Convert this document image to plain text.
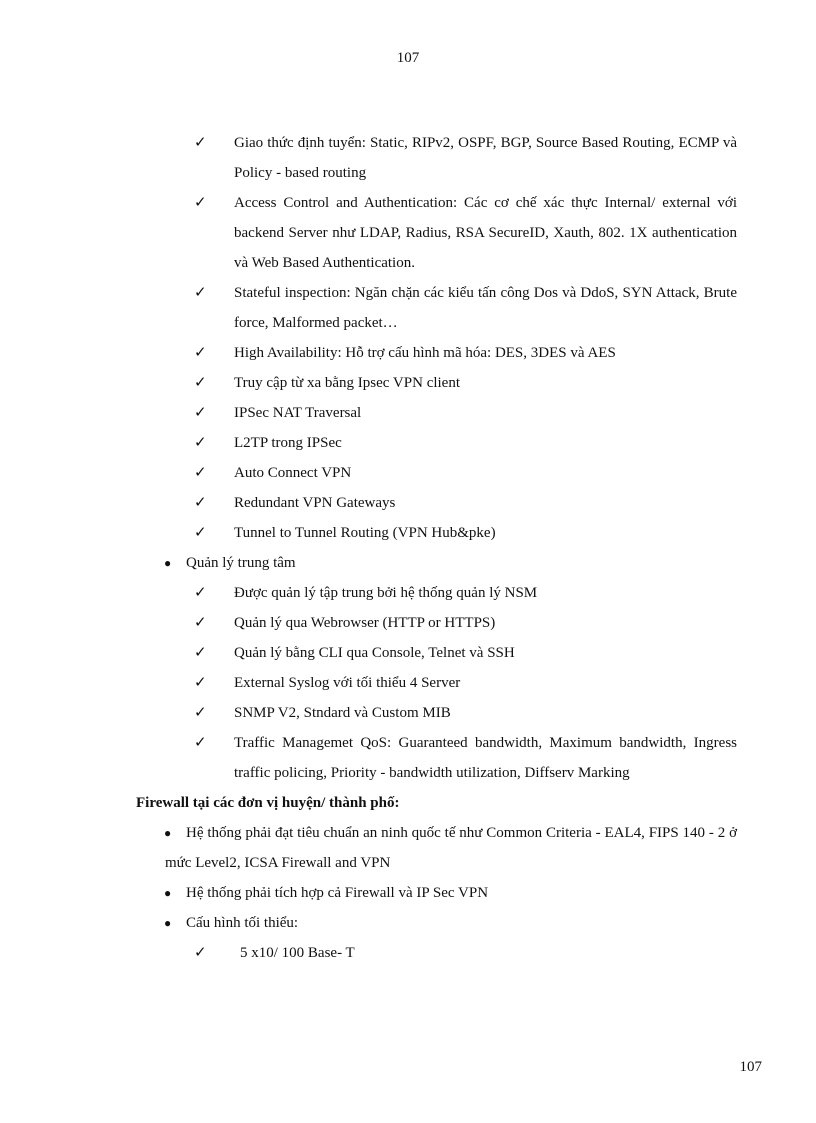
107
✓	Giao thức định tuyển: Static, RIPv2, OSPF, BGP, Source Based Routing, ECMP và Policy - based routing
✓	Access Control and Authentication: Các cơ chế xác thực Internal/ external với backend Server như LDAP, Radius, RSA SecureID, Xauth, 802. 1X authentication và Web Based Authentication.
✓	Stateful inspection: Ngăn chặn các kiểu tấn công Dos và DdoS, SYN Attack, Brute force, Malformed packet…
✓	High Availability: Hỗ trợ cấu hình mã hóa: DES, 3DES và AES
✓	Truy cập từ xa bằng Ipsec VPN client
✓	IPSec NAT Traversal
✓	L2TP trong IPSec
✓	Auto Connect VPN
✓	Redundant VPN Gateways
✓	Tunnel to Tunnel Routing (VPN Hub&pke)
● Quản lý trung tâm
✓	Được quản lý tập trung bởi hệ thống quản lý NSM
✓	Quản lý qua Webrowser (HTTP or HTTPS)
✓	Quản lý bằng CLI qua Console, Telnet và SSH
✓	External Syslog với tối thiểu 4 Server
✓	SNMP V2, Stndard và Custom MIB
✓	Traffic Managemet QoS: Guaranteed bandwidth, Maximum bandwidth, Ingress traffic policing, Priority - bandwidth utilization, Diffserv Marking
Firewall tại các đơn vị huyện/ thành phố:
● Hệ thống phải đạt tiêu chuẩn an ninh quốc tế như Common Criteria - EAL4, FIPS 140 - 2 ở mức Level2, ICSA Firewall and VPN
● Hệ thống phải tích hợp cả Firewall và IP Sec VPN
● Cấu hình tối thiểu:
✓	5 x10/ 100 Base- T
107
